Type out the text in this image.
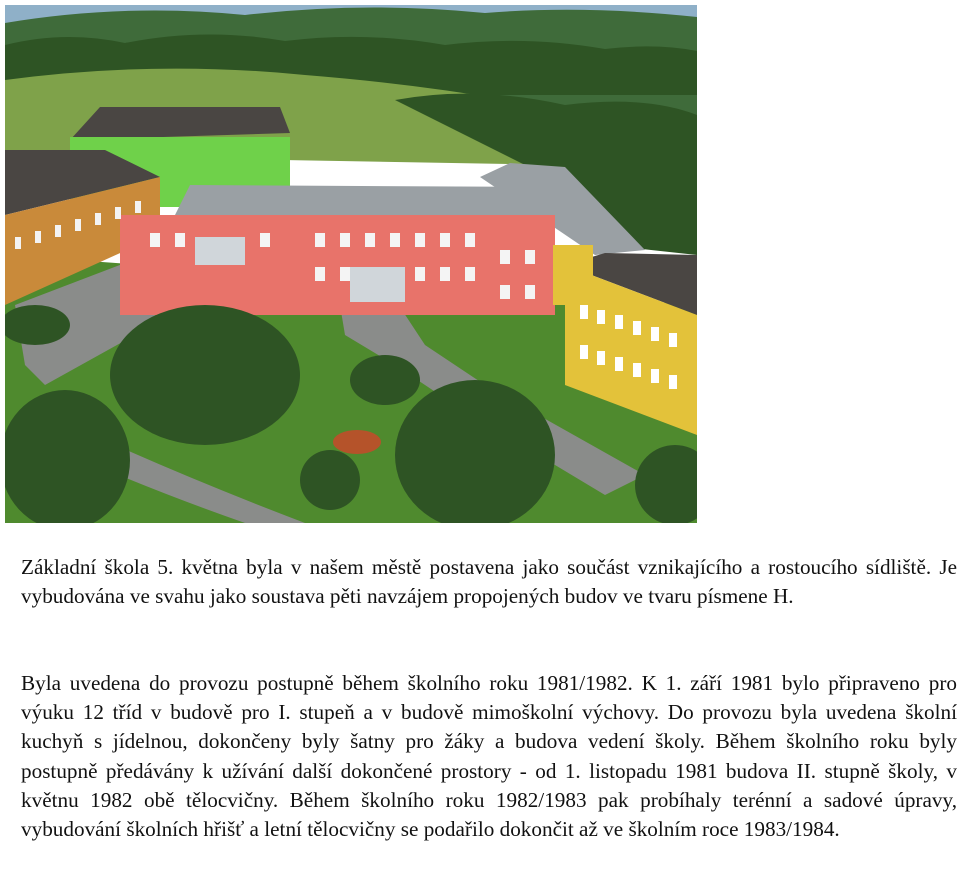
Základní škola 5. května byla v našem městě postavena jako součást vznikajícího a rostoucího sídliště. Je vybudována ve svahu jako soustava pěti navzájem propojených budov ve tvaru písmene H.

Byla uvedena do provozu postupně během školního roku 1981/1982. K 1. září 1981 bylo připraveno pro výuku 12 tříd v budově pro I. stupeň a v budově mimoškolní výchovy. Do provozu byla uvedena školní kuchyň s jídelnou, dokončeny byly šatny pro žáky a budova vedení školy. Během školního roku byly postupně předávány k užívání další dokončené prostory - od 1. listopadu 1981 budova II. stupně školy, v květnu 1982 obě tělocvičny. Během školního roku 1982/1983 pak probíhaly terénní a sadové úpravy, vybudování školních hřišť a letní tělocvičny se podařilo dokončit až ve školním roce 1983/1984.
